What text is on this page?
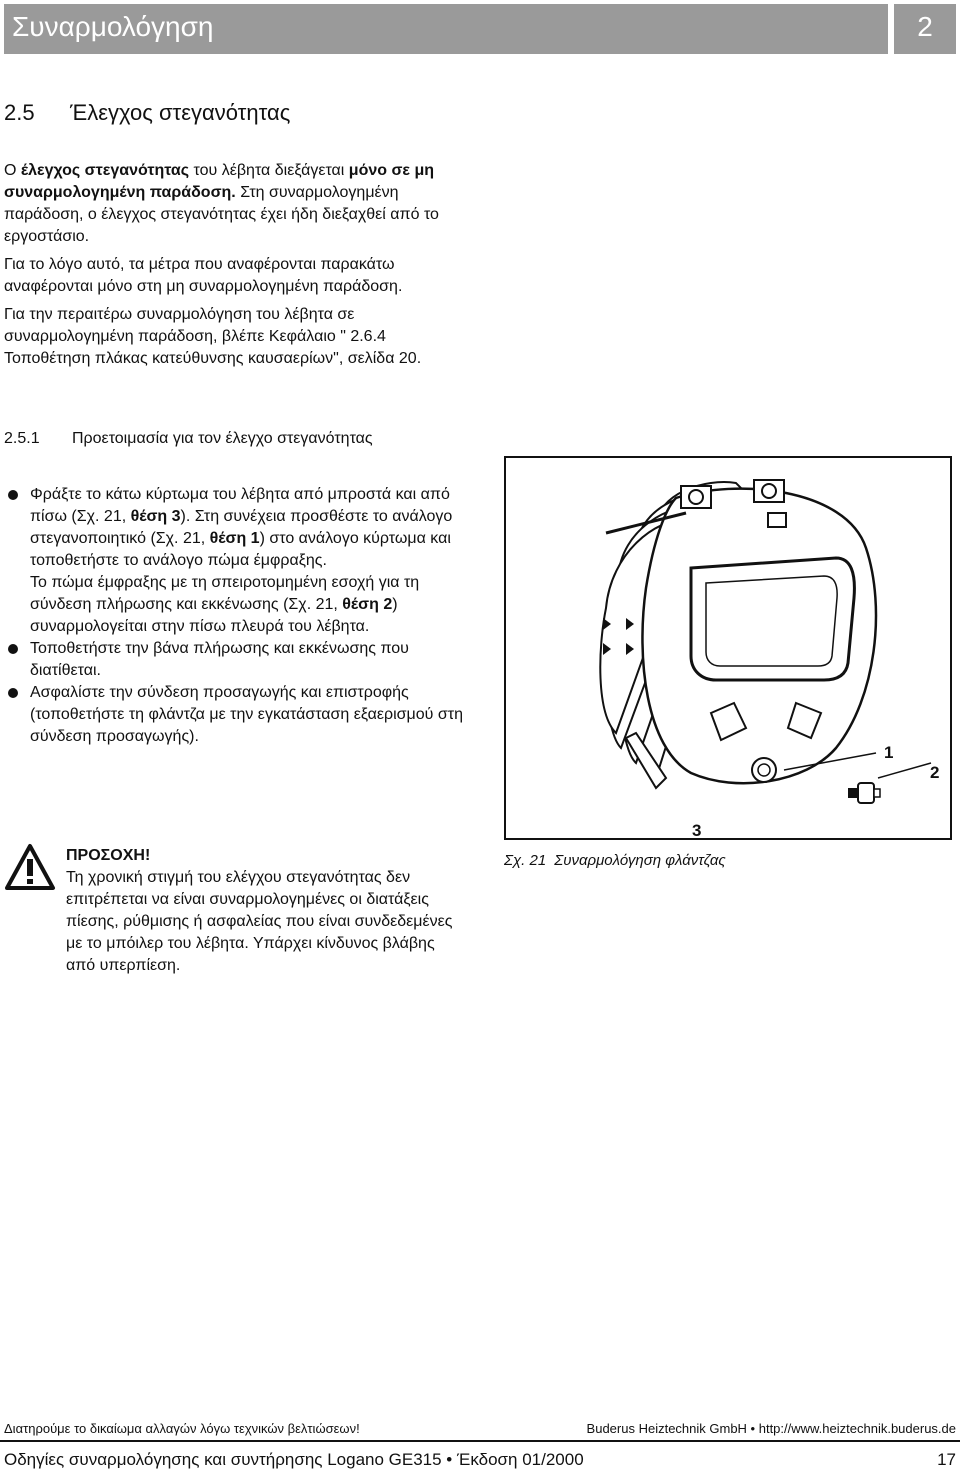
Συναρμολόγηση	2
2.5 Έλεγχος στεγανότητας
Ο έλεγχος στεγανότητας του λέβητα διεξάγεται μόνο σε μη συναρμολογημένη παράδοση. Στη συναρμολογημένη παράδοση, ο έλεγχος στεγανότητας έχει ήδη διεξαχθεί από το εργοστάσιο.
Για το λόγο αυτό, τα μέτρα που αναφέρονται παρακάτω αναφέρονται μόνο στη μη συναρμολογημένη παράδοση.
Για την περαιτέρω συναρμολόγηση του λέβητα σε συναρμολογημένη παράδοση, βλέπε Κεφάλαιο " 2.6.4 Τοποθέτηση πλάκας κατεύθυνσης καυσαερίων", σελίδα 20.
2.5.1 Προετοιμασία για τον έλεγχο στεγανότητας
Φράξτε το κάτω κύρτωμα του λέβητα από μπροστά και από πίσω (Σχ. 21, θέση 3). Στη συνέχεια προσθέστε το ανάλογο στεγανοποιητικό (Σχ. 21, θέση 1) στο ανάλογο κύρτωμα και τοποθετήστε το ανάλογο πώμα έμφραξης.
Το πώμα έμφραξης με τη σπειροτομημένη εσοχή για τη σύνδεση πλήρωσης και εκκένωσης (Σχ. 21, θέση 2) συναρμολογείται στην πίσω πλευρά του λέβητα.
Τοποθετήστε την βάνα πλήρωσης και εκκένωσης που διατίθεται.
Ασφαλίστε την σύνδεση προσαγωγής και επιστροφής (τοποθετήστε τη φλάντζα με την εγκατάσταση εξαερισμού στη σύνδεση προσαγωγής).
ΠΡΟΣΟΧΗ!
Τη χρονική στιγμή του ελέγχου στεγανότητας δεν επιτρέπεται να είναι συναρμολογημένες οι διατάξεις πίεσης, ρύθμισης ή ασφαλείας που είναι συνδεδεμένες με το μπόιλερ του λέβητα. Υπάρχει κίνδυνος βλάβης από υπερπίεση.
1
2
3
Σχ. 21 Συναρμολόγηση φλάντζας
Διατηρούμε το δικαίωμα αλλαγών λόγω τεχνικών βελτιώσεων!	Buderus Heiztechnik GmbH • http://www.heiztechnik.buderus.de
Οδηγίες συναρμολόγησης και συντήρησης Logano GE315 • Έκδοση 01/2000	17
